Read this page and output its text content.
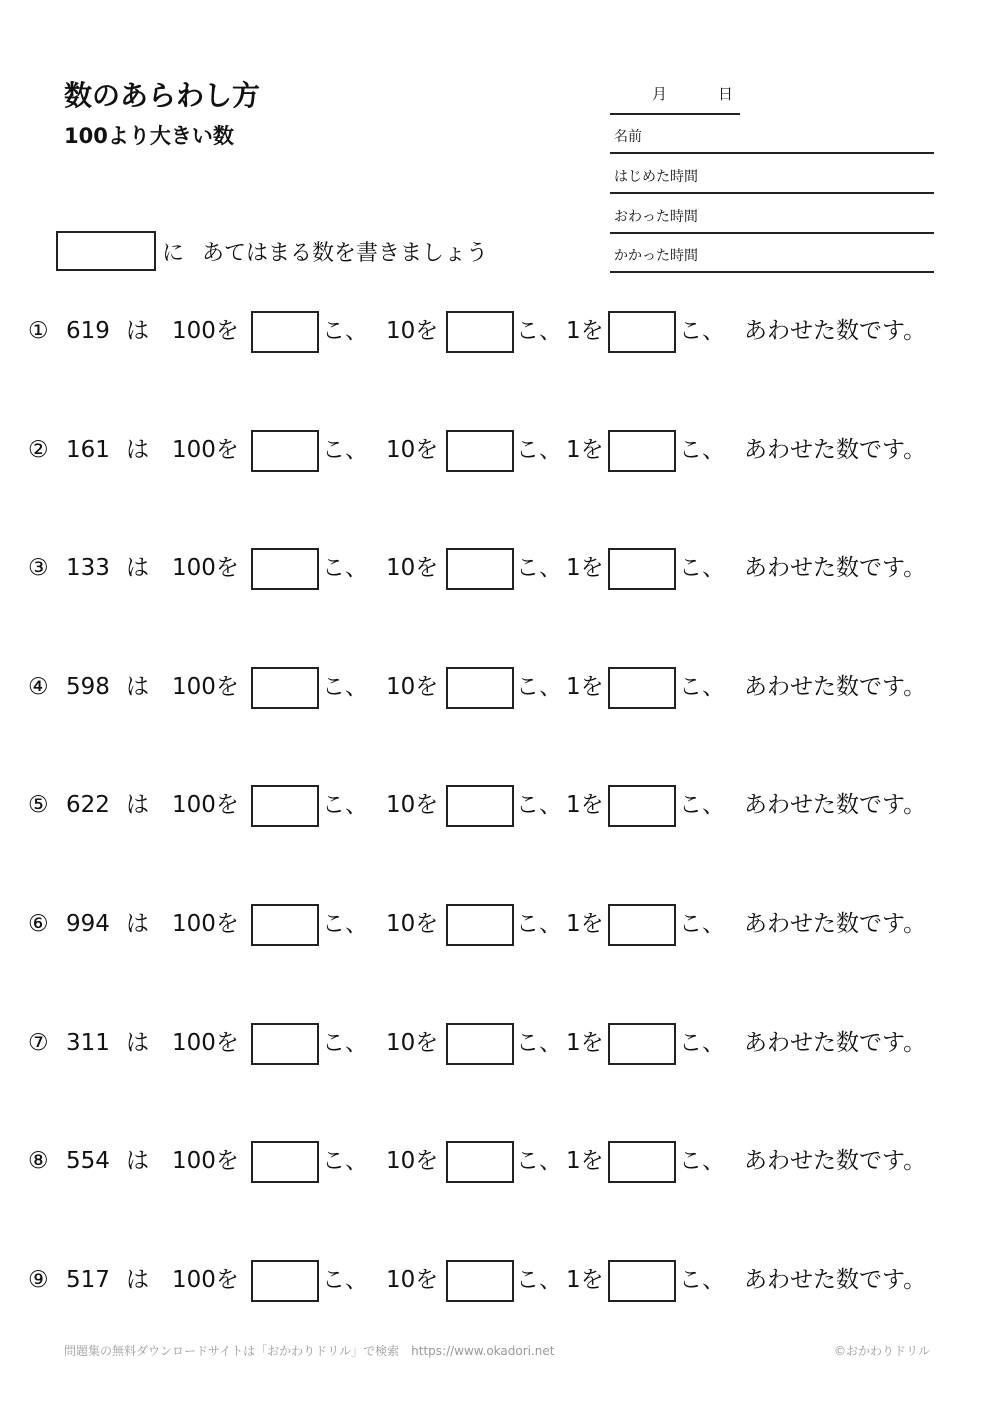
数のあらわし方
100より大きい数
月	日
名前
はじめた時間
おわった時間
かかった時間
に あてはまる数を書きましょう
① 619 は 100を	こ、 10を	こ、 1を	こ、 あわせた数です。
② 161 は 100を	こ、 10を	こ、 1を	こ、 あわせた数です。
③ 133 は 100を	こ、 10を	こ、 1を	こ、 あわせた数です。
④ 598 は 100を	こ、 10を	こ、 1を	こ、 あわせた数です。
⑤ 622 は 100を	こ、 10を	こ、 1を	こ、 あわせた数です。
⑥ 994 は 100を	こ、 10を	こ、 1を	こ、 あわせた数です。
⑦ 311 は 100を	こ、 10を	こ、 1を	こ、 あわせた数です。
⑧ 554 は 100を	こ、 10を	こ、 1を	こ、 あわせた数です。
⑨ 517 は 100を	こ、 10を	こ、 1を	こ、 あわせた数です。
問題集の無料ダウンロードサイトは「おかわりドリル」で検索　https://www.okadori.net	©おかわりドリル
